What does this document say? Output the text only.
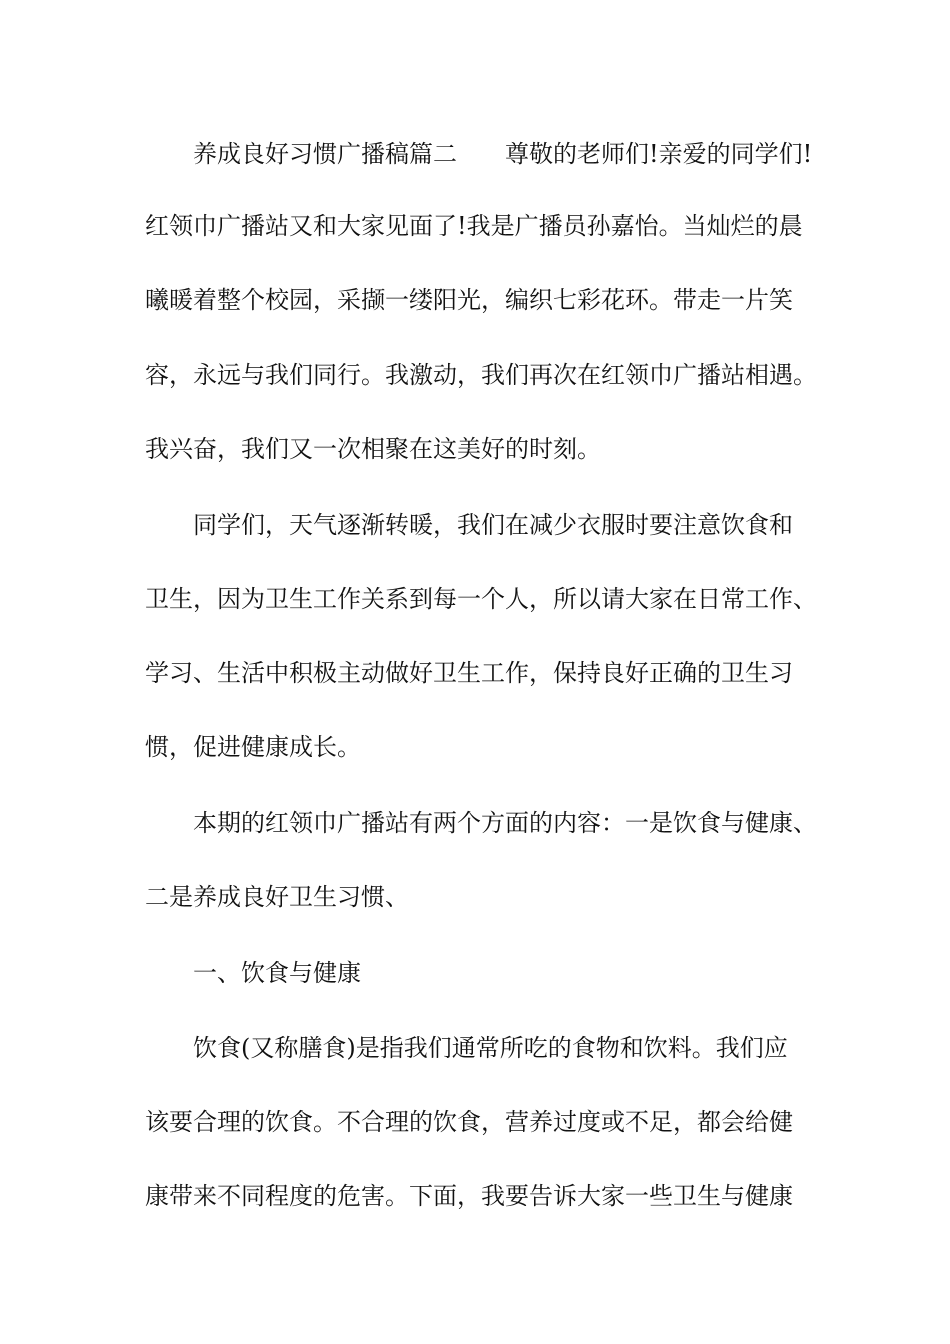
养成良好习惯广播稿篇二　　尊敬的老师们!亲爱的同学们!
红领巾广播站又和大家见面了!我是广播员孙嘉怡。当灿烂的晨
曦暖着整个校园，采撷一缕阳光，编织七彩花环。带走一片笑
容，永远与我们同行。我激动，我们再次在红领巾广播站相遇。
我兴奋，我们又一次相聚在这美好的时刻。
同学们，天气逐渐转暖，我们在减少衣服时要注意饮食和
卫生，因为卫生工作关系到每一个人，所以请大家在日常工作、
学习、生活中积极主动做好卫生工作，保持良好正确的卫生习
惯，促进健康成长。
本期的红领巾广播站有两个方面的内容：一是饮食与健康、
二是养成良好卫生习惯、
一、饮食与健康
饮食(又称膳食)是指我们通常所吃的食物和饮料。我们应
该要合理的饮食。不合理的饮食，营养过度或不足，都会给健
康带来不同程度的危害。下面，我要告诉大家一些卫生与健康
